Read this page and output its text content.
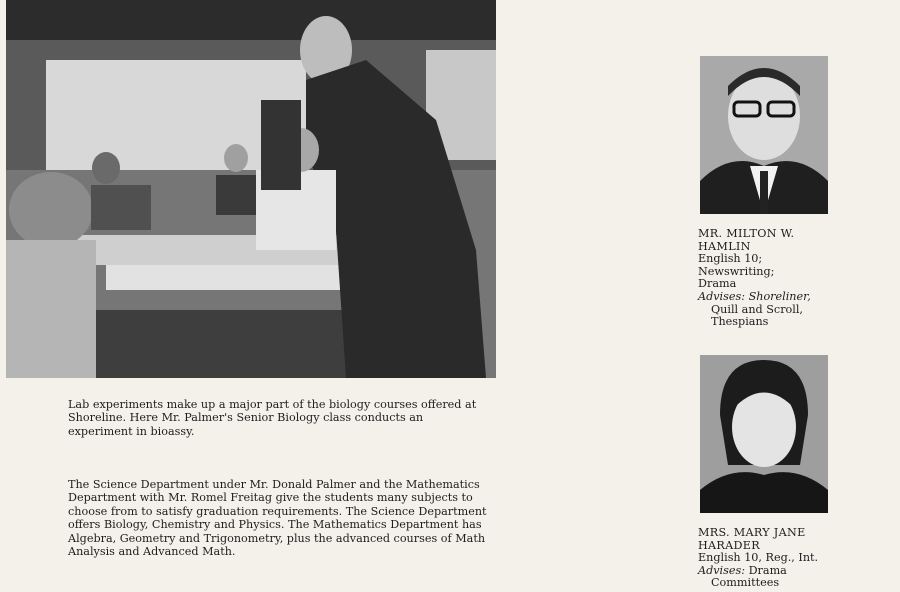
Lab experiments make up a major part of the biology courses offered at Shoreline. Here Mr. Palmer's Senior Biology class conducts an experiment in bioassy.
The Science Department under Mr. Donald Palmer and the Mathematics Department with Mr. Romel Freitag give the students many subjects to choose from to satisfy graduation requirements. The Science Department offers Biology, Chemistry and Physics. The Mathematics Department has Algebra, Geometry and Trigonometry, plus the advanced courses of Math Analysis and Advanced Math.
MR. MILTON W.
HAMLIN
English 10;
Newswriting;
Drama
Advises: Shoreliner,
Quill and Scroll,
Thespians
MRS. MARY JANE
HARADER
English 10, Reg., Int.
Advises: Drama
Committees
